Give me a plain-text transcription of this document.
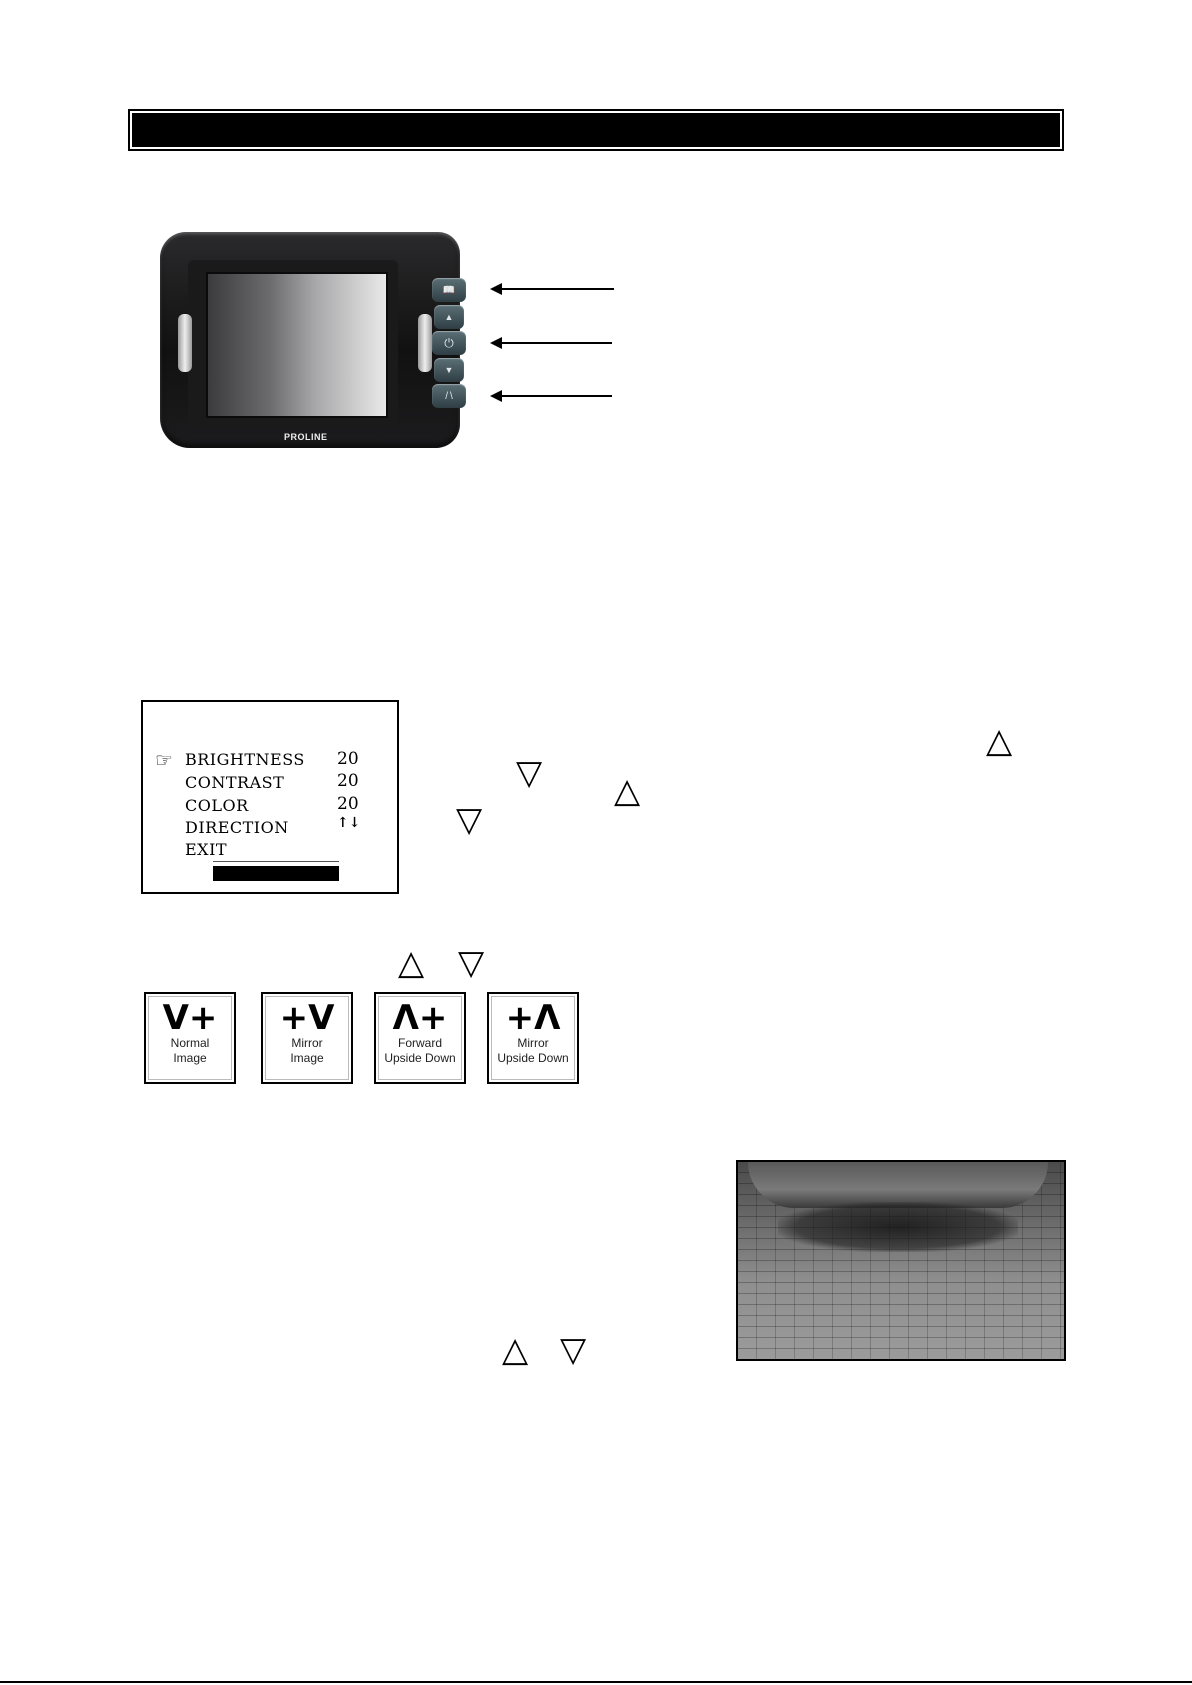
PROLINE
📖
▲
⏻
▼
/ \
☞ BRIGHTNESS 20
CONTRAST	20
COLOR	20
DIRECTION	↑↓
EXIT
△
▽ △
▽
△ ▽
V+
Normal
Image
+V
Mirror
Image
Λ+
Forward
Upside Down
+Λ
Mirror
Upside Down
△ ▽
